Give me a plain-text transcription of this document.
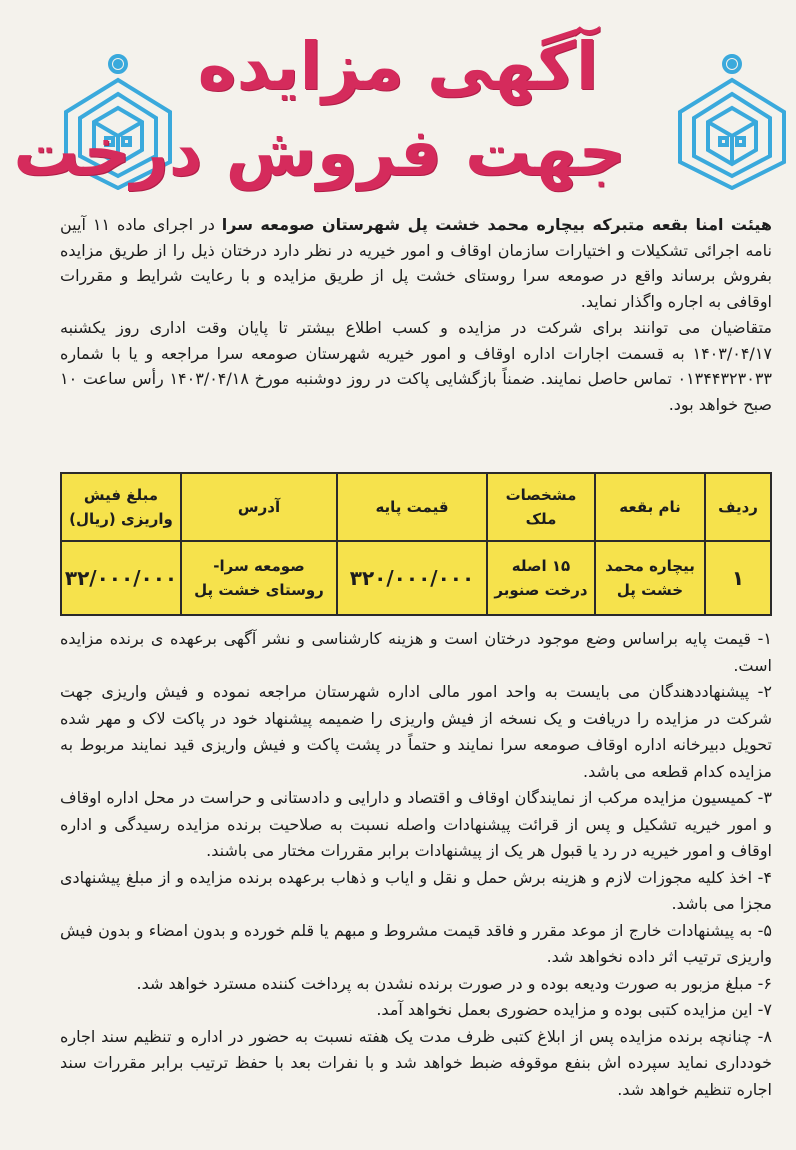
آگهی مزایده
جهت فروش درخت

هیئت امنا بقعه متبرکه بیچاره محمد خشت پل شهرستان صومعه سرا در اجرای ماده ۱۱ آیین نامه اجرائی تشکیلات و اختیارات سازمان اوقاف و امور خیریه در نظر دارد درختان ذیل را از طریق مزایده بفروش برساند واقع در صومعه سرا روستای خشت پل از طریق مزایده و با رعایت شرایط و مقررات اوقافی به اجاره واگذار نماید.

متقاضیان می توانند برای شرکت در مزایده و کسب اطلاع بیشتر تا پایان وقت اداری روز یکشنبه ۱۴۰۳/۰۴/۱۷ به قسمت اجارات اداره اوقاف و امور خیریه شهرستان صومعه سرا مراجعه و یا با شماره ۰۱۳۴۴۳۲۳۰۳۳ تماس حاصل نمایند. ضمناً بازگشایی پاکت در روز دوشنبه مورخ ۱۴۰۳/۰۴/۱۸ رأس ساعت ۱۰ صبح خواهد بود.

ردیف	نام بقعه	مشخصات ملک	قیمت پایه	آدرس	مبلغ فیش واریزی (ریال)
۱	بیچاره محمد خشت پل	۱۵ اصله درخت صنوبر	۳۲۰/۰۰۰/۰۰۰	صومعه سرا- روستای خشت پل	۳۲/۰۰۰/۰۰۰

۱- قیمت پایه براساس وضع موجود درختان است و هزینه کارشناسی و نشر آگهی برعهده ی برنده مزایده است.

۲- پیشنهاددهندگان می بایست به واحد امور مالی اداره شهرستان مراجعه نموده و فیش واریزی جهت شرکت در مزایده را دریافت و یک نسخه از فیش واریزی را ضمیمه پیشنهاد خود در پاکت لاک و مهر شده تحویل دبیرخانه اداره اوقاف صومعه سرا نمایند و حتماً در پشت پاکت و فیش واریزی قید نمایند مربوط به مزایده کدام قطعه می باشد.

۳- کمیسیون مزایده مرکب از نمایندگان اوقاف و اقتصاد و دارایی و دادستانی و حراست در محل اداره اوقاف و امور خیریه تشکیل و پس از قرائت پیشنهادات واصله نسبت به صلاحیت برنده مزایده رسیدگی و اداره اوقاف و امور خیریه در رد یا قبول هر یک از پیشنهادات برابر مقررات مختار می باشند.

۴- اخذ کلیه مجوزات لازم و هزینه برش حمل و نقل و ایاب و ذهاب برعهده برنده مزایده و از مبلغ پیشنهادی مجزا می باشد.

۵- به پیشنهادات خارج از موعد مقرر و فاقد قیمت مشروط و مبهم یا قلم خورده و بدون امضاء و بدون فیش واریزی ترتیب اثر داده نخواهد شد.

۶- مبلغ مزبور به صورت ودیعه بوده و در صورت برنده نشدن به پرداخت کننده مسترد خواهد شد.

۷- این مزایده کتبی بوده و مزایده حضوری بعمل نخواهد آمد.

۸- چنانچه برنده مزایده پس از ابلاغ کتبی ظرف مدت یک هفته نسبت به حضور در اداره و تنظیم سند اجاره خودداری نماید سپرده اش بنفع موقوفه ضبط خواهد شد و با نفرات بعد با حفظ ترتیب برابر مقررات سند اجاره تنظیم خواهد شد.
